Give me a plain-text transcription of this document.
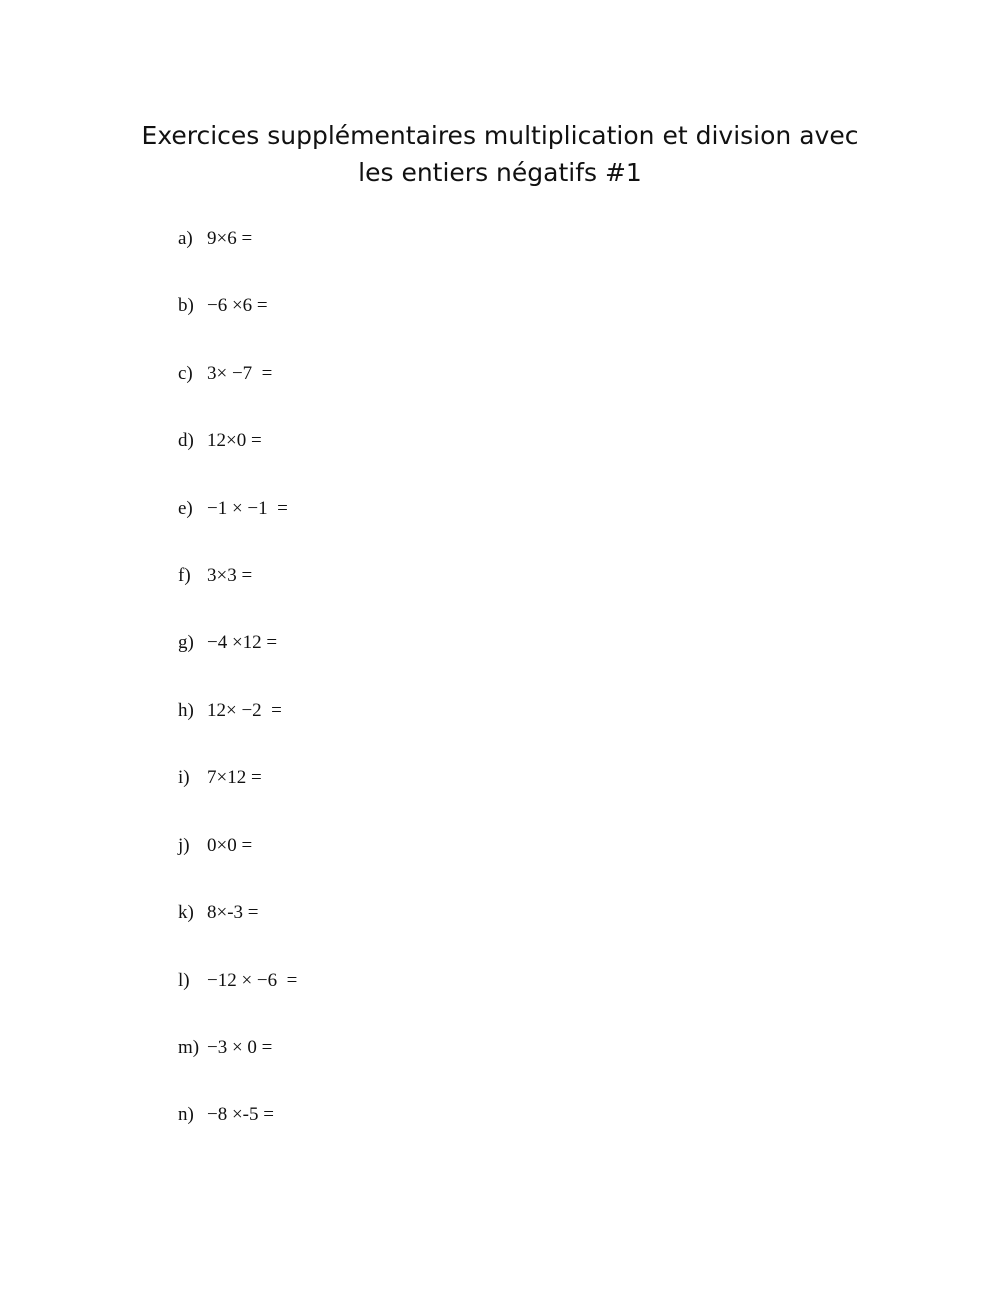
Exercices supplémentaires multiplication et division avec
les entiers négatifs #1
a) 9×6 =
b) −6 ×6 =
c) 3× −7  =
d) 12×0 =
e) −1 × −1  =
f) 3×3 =
g) −4 ×12 =
h) 12× −2  =
i) 7×12 =
j) 0×0 =
k) 8×-3 =
l) −12 × −6  =
m) −3 × 0 =
n) −8 ×-5 =
